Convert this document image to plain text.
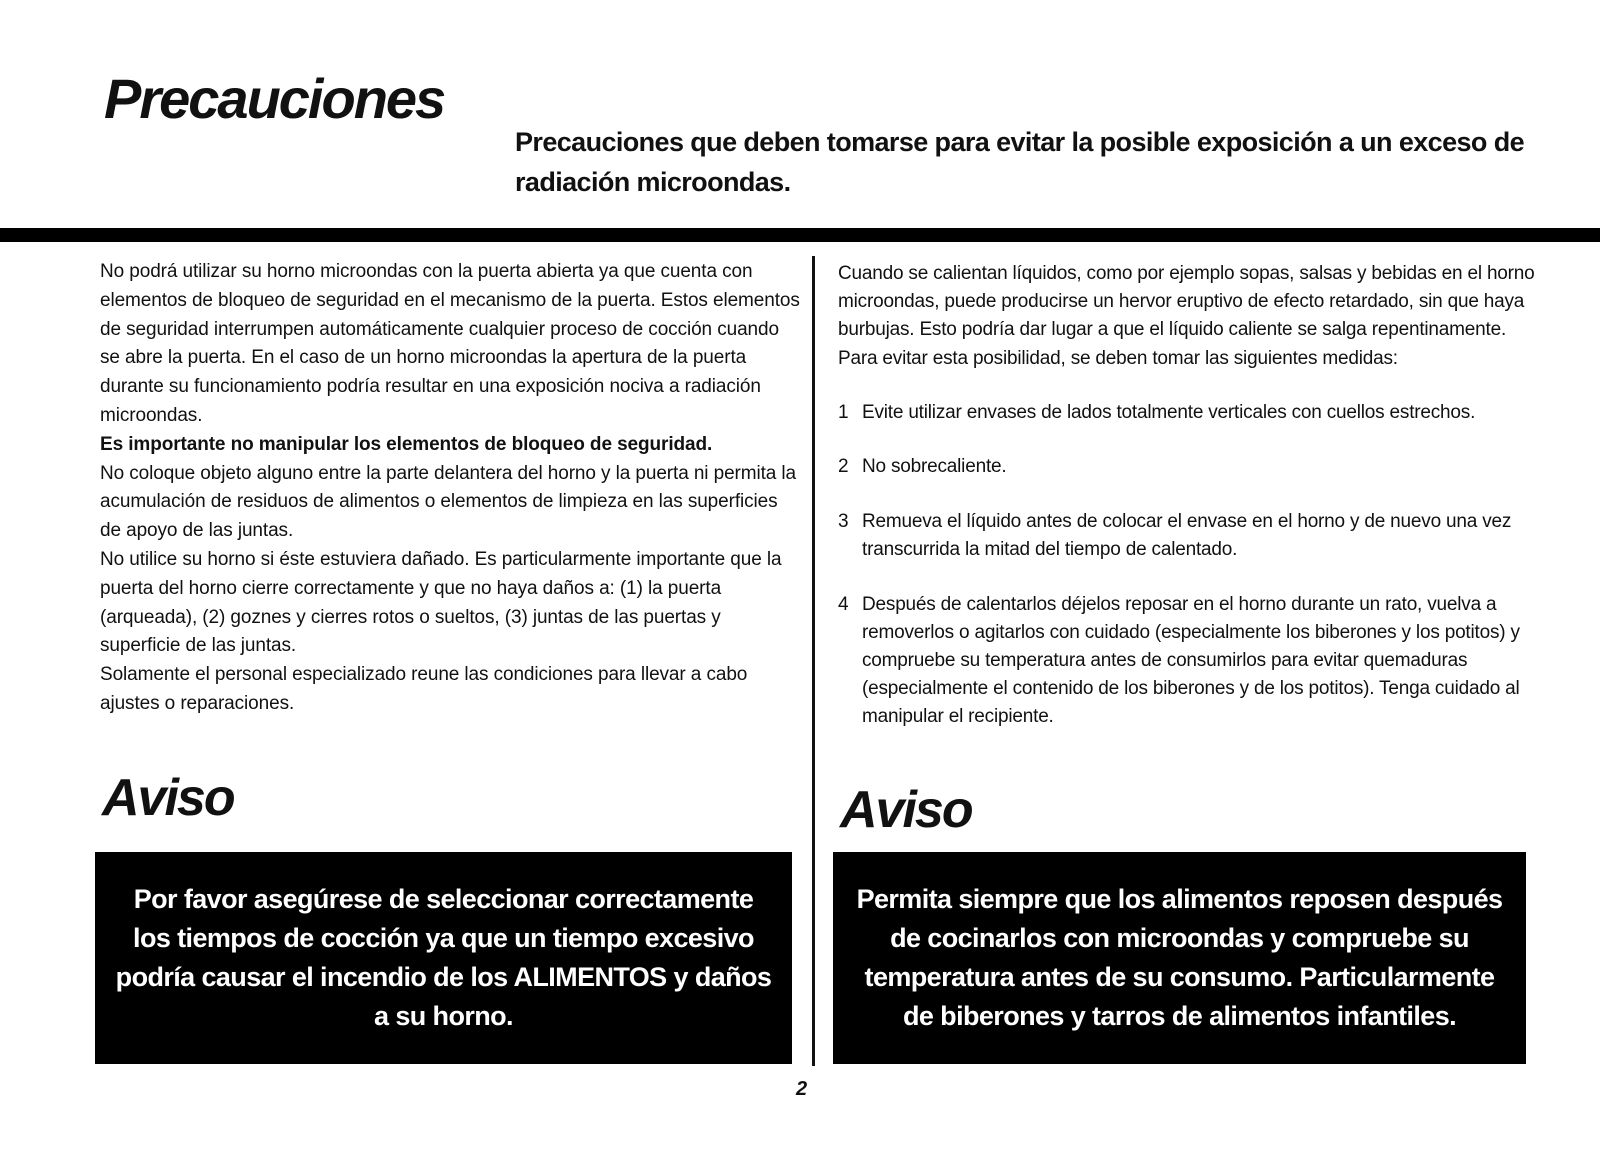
Precauciones
Precauciones que deben tomarse para evitar la posible exposición a un exceso de radiación microondas.

No podrá utilizar su horno microondas con la puerta abierta ya que cuenta con elementos de bloqueo de seguridad en el mecanismo de la puerta. Estos elementos de seguridad interrumpen automáticamente cualquier proceso de cocción cuando se abre la puerta. En el caso de un horno microondas la apertura de la puerta durante su funcionamiento podría resultar en una exposición nociva a radiación microondas.

Es importante no manipular los elementos de bloqueo de seguridad.

No coloque objeto alguno entre la parte delantera del horno y la puerta ni permita la acumulación de residuos de alimentos o elementos de limpieza en las superficies de apoyo de las juntas.

No utilice su horno si éste estuviera dañado. Es particularmente importante que la puerta del horno cierre correctamente y que no haya daños a: (1) la puerta (arqueada), (2) goznes y cierres rotos o sueltos, (3) juntas de las puertas y superficie de las juntas.

Solamente el personal especializado reune las condiciones para llevar a cabo ajustes o reparaciones.

Cuando se calientan líquidos, como por ejemplo sopas, salsas y bebidas en el horno microondas, puede producirse un hervor eruptivo de efecto retardado, sin que haya burbujas. Esto podría dar lugar a que el líquido caliente se salga repentinamente. Para evitar esta posibilidad, se deben tomar las siguientes medidas:

1 Evite utilizar envases de lados totalmente verticales con cuellos estrechos.
2 No sobrecaliente.
3 Remueva el líquido antes de colocar el envase en el horno y de nuevo una vez transcurrida la mitad del tiempo de calentado.
4 Después de calentarlos déjelos reposar en el horno durante un rato, vuelva a removerlos o agitarlos con cuidado (especialmente los biberones y los potitos) y compruebe su temperatura antes de consumirlos para evitar quemaduras (especialmente el contenido de los biberones y de los potitos). Tenga cuidado al manipular el recipiente.
Aviso
Por favor asegúrese de seleccionar correctamente los tiempos de cocción ya que un tiempo excesivo podría causar el incendio de los ALIMENTOS y daños a su horno.
Aviso
Permita siempre que los alimentos reposen después de cocinarlos con microondas y compruebe su temperatura antes de su consumo. Particularmente de biberones y tarros de alimentos infantiles.
2
